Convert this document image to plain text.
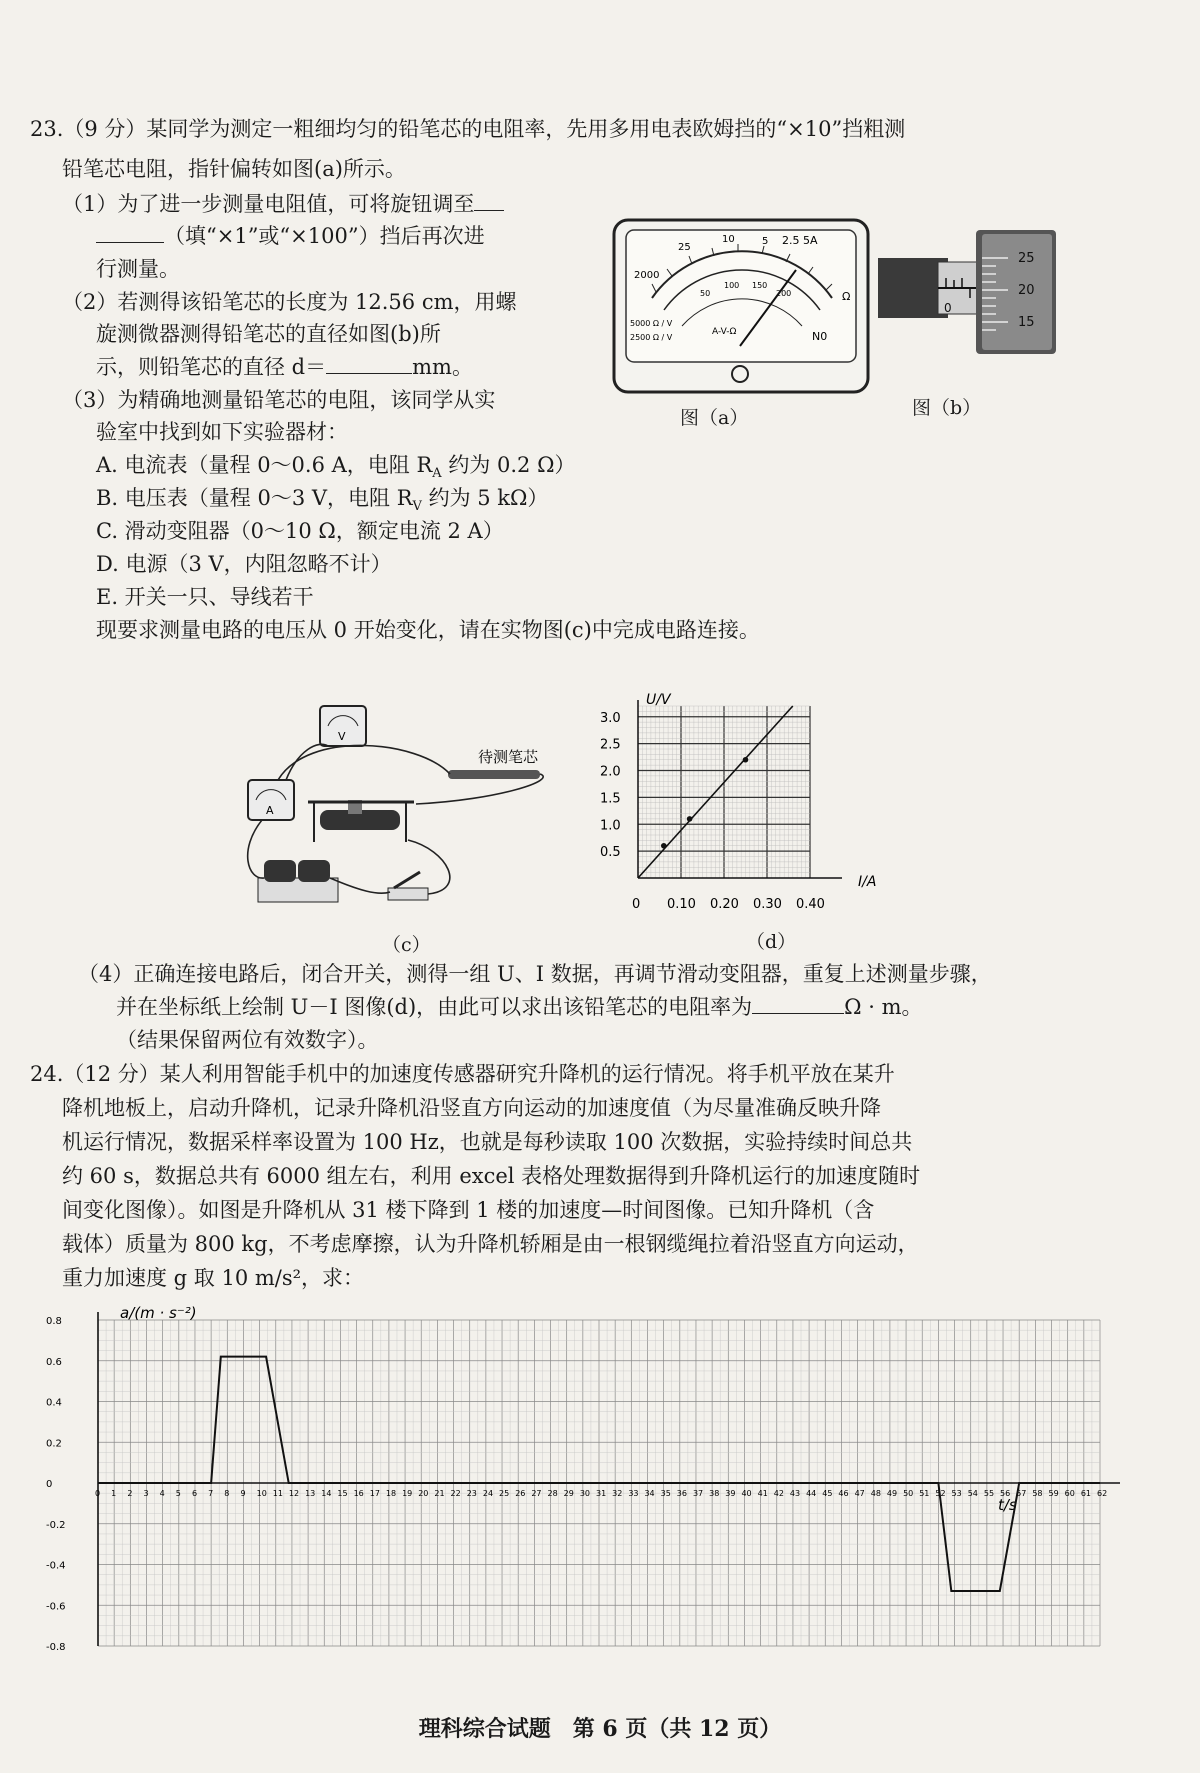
23.（9 分）某同学为测定一粗细均匀的铅笔芯的电阻率，先用多用电表欧姆挡的“×10”挡粗测
铅笔芯电阻，指针偏转如图(a)所示。
（1）为了进一步测量电阻值，可将旋钮调至
（填“×1”或“×100”）挡后再次进
行测量。
（2）若测得该铅笔芯的长度为 12.56 cm，用螺
旋测微器测得铅笔芯的直径如图(b)所
示，则铅笔芯的直径 d＝	mm。
（3）为精确地测量铅笔芯的电阻，该同学从实
验室中找到如下实验器材：
A. 电流表（量程 0～0.6 A，电阻 $R_A$ 约为 0.2 Ω）
B. 电压表（量程 0～3 V，电阻 $R_V$ 约为 5 kΩ）
C. 滑动变阻器（0～10 Ω，额定电流 2 A）
D. 电源（3 V，内阻忽略不计）
E. 开关一只、导线若干
现要求测量电路的电压从 0 开始变化，请在实物图(c)中完成电路连接。
25
10	5 2.5 5A
2000
Ω
50
100 150
200
5000 Ω / V
2500 Ω / V
A-V-Ω	N0
图（a）
25
20
15
0
图（b）
V
A
待测笔芯
（c）
U/V
I/A
0 0.10 0.20 0.30 0.40
0.5
1.0
1.5
2.0
2.5
3.0
（d）
（4）正确连接电路后，闭合开关，测得一组 U、I 数据，再调节滑动变阻器，重复上述测量步骤，
并在坐标纸上绘制 U－I 图像(d)，由此可以求出该铅笔芯的电阻率为	Ω · m。
（结果保留两位有效数字）。
24.（12 分）某人利用智能手机中的加速度传感器研究升降机的运行情况。将手机平放在某升
降机地板上，启动升降机，记录升降机沿竖直方向运动的加速度值（为尽量准确反映升降
机运行情况，数据采样率设置为 100 Hz，也就是每秒读取 100 次数据，实验持续时间总共
约 60 s，数据总共有 6000 组左右，利用 excel 表格处理数据得到升降机运行的加速度随时
间变化图像）。如图是升降机从 31 楼下降到 1 楼的加速度—时间图像。已知升降机（含
载体）质量为 800 kg，不考虑摩擦，认为升降机轿厢是由一根钢缆绳拉着沿竖直方向运动，
重力加速度 g 取 10 m/s²，求：
a/(m · s⁻²)
t/s
0.8
0.6
0.4
0.2
0
-0.2
-0.4
-0.6
-0.8
0 1 2 3 4 5 6 7 8 9 10 11 12 13 14 15 16 17 18 19 20 21 22 23 24 25 26 27 28 29 30 31 32 33 34 35 36 37 38 39 40 41 42 43 44 45 46 47 48 49 50 51 52 53 54 55 56 57 58 59 60 61 62
理科综合试题　第 6 页（共 12 页）
